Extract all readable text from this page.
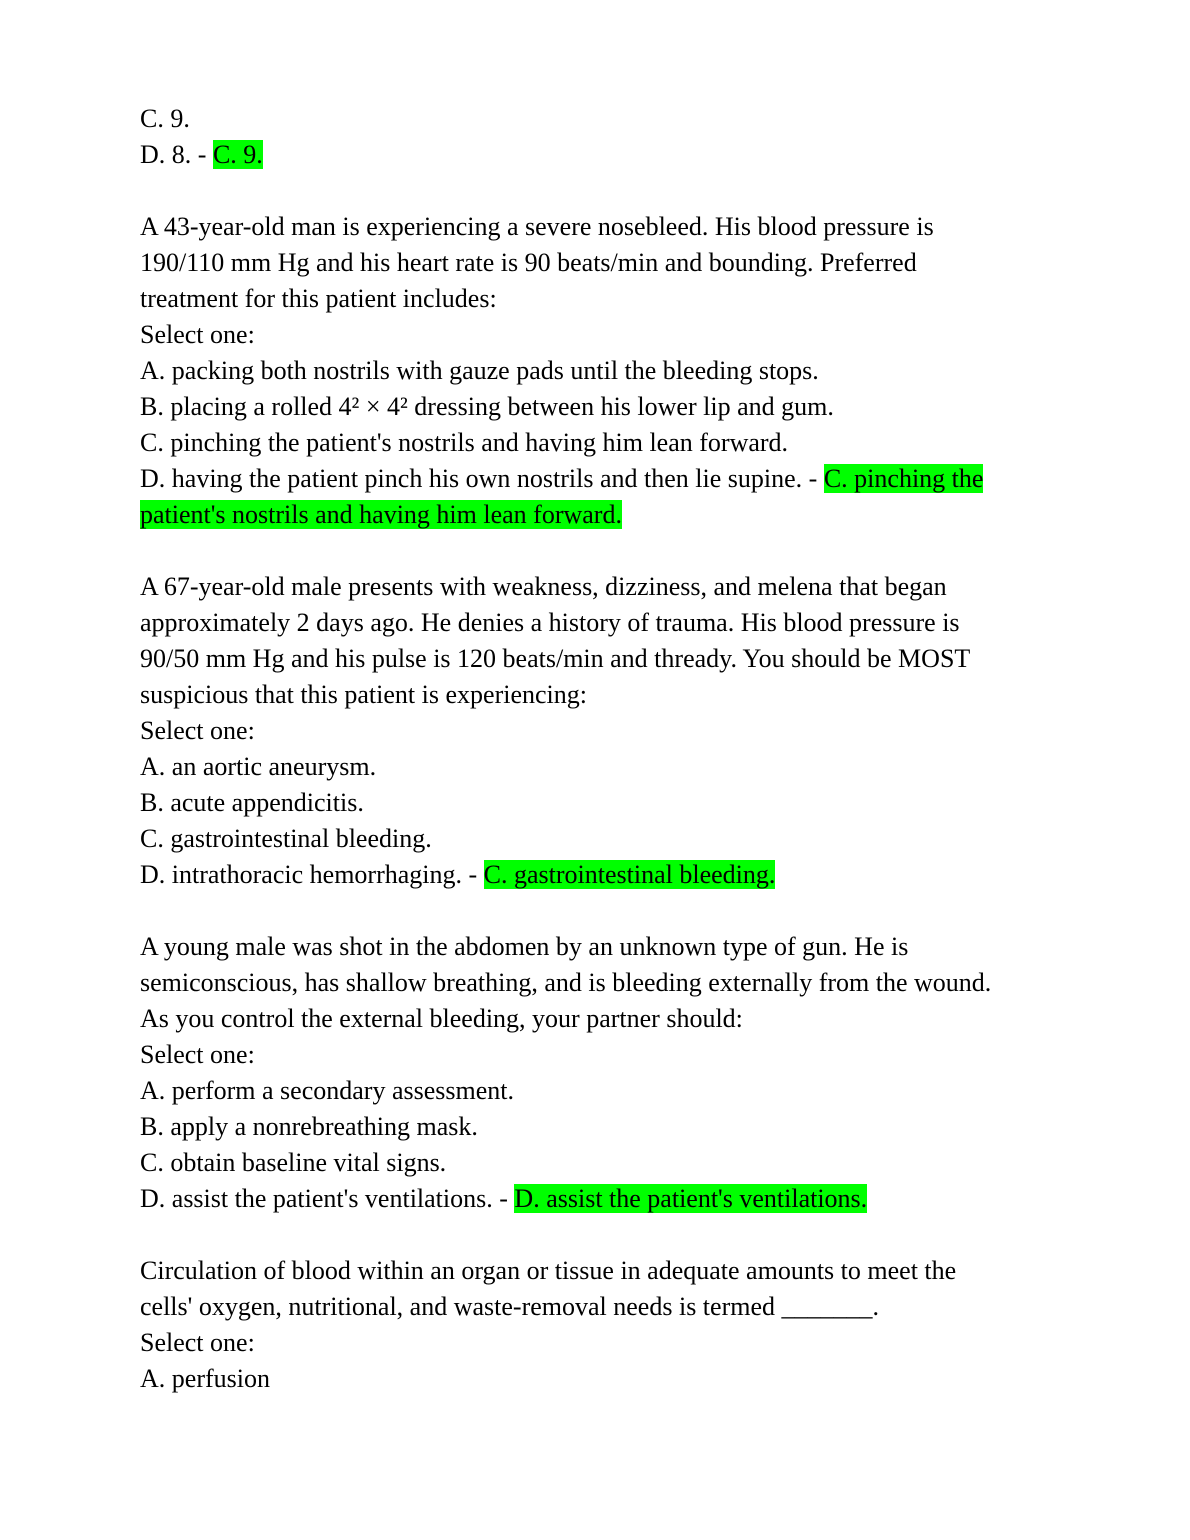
C. 9.
D. 8. - C. 9.
A 43-year-old man is experiencing a severe nosebleed. His blood pressure is
190/110 mm Hg and his heart rate is 90 beats/min and bounding. Preferred
treatment for this patient includes:
Select one:
A. packing both nostrils with gauze pads until the bleeding stops.
B. placing a rolled 4² × 4² dressing between his lower lip and gum.
C. pinching the patient's nostrils and having him lean forward.
D. having the patient pinch his own nostrils and then lie supine. - C. pinching the
patient's nostrils and having him lean forward.
A 67-year-old male presents with weakness, dizziness, and melena that began
approximately 2 days ago. He denies a history of trauma. His blood pressure is
90/50 mm Hg and his pulse is 120 beats/min and thready. You should be MOST
suspicious that this patient is experiencing:
Select one:
A. an aortic aneurysm.
B. acute appendicitis.
C. gastrointestinal bleeding.
D. intrathoracic hemorrhaging. - C. gastrointestinal bleeding.
A young male was shot in the abdomen by an unknown type of gun. He is
semiconscious, has shallow breathing, and is bleeding externally from the wound.
As you control the external bleeding, your partner should:
Select one:
A. perform a secondary assessment.
B. apply a nonrebreathing mask.
C. obtain baseline vital signs.
D. assist the patient's ventilations. - D. assist the patient's ventilations.
Circulation of blood within an organ or tissue in adequate amounts to meet the
cells' oxygen, nutritional, and waste-removal needs is termed _______.
Select one:
A. perfusion
